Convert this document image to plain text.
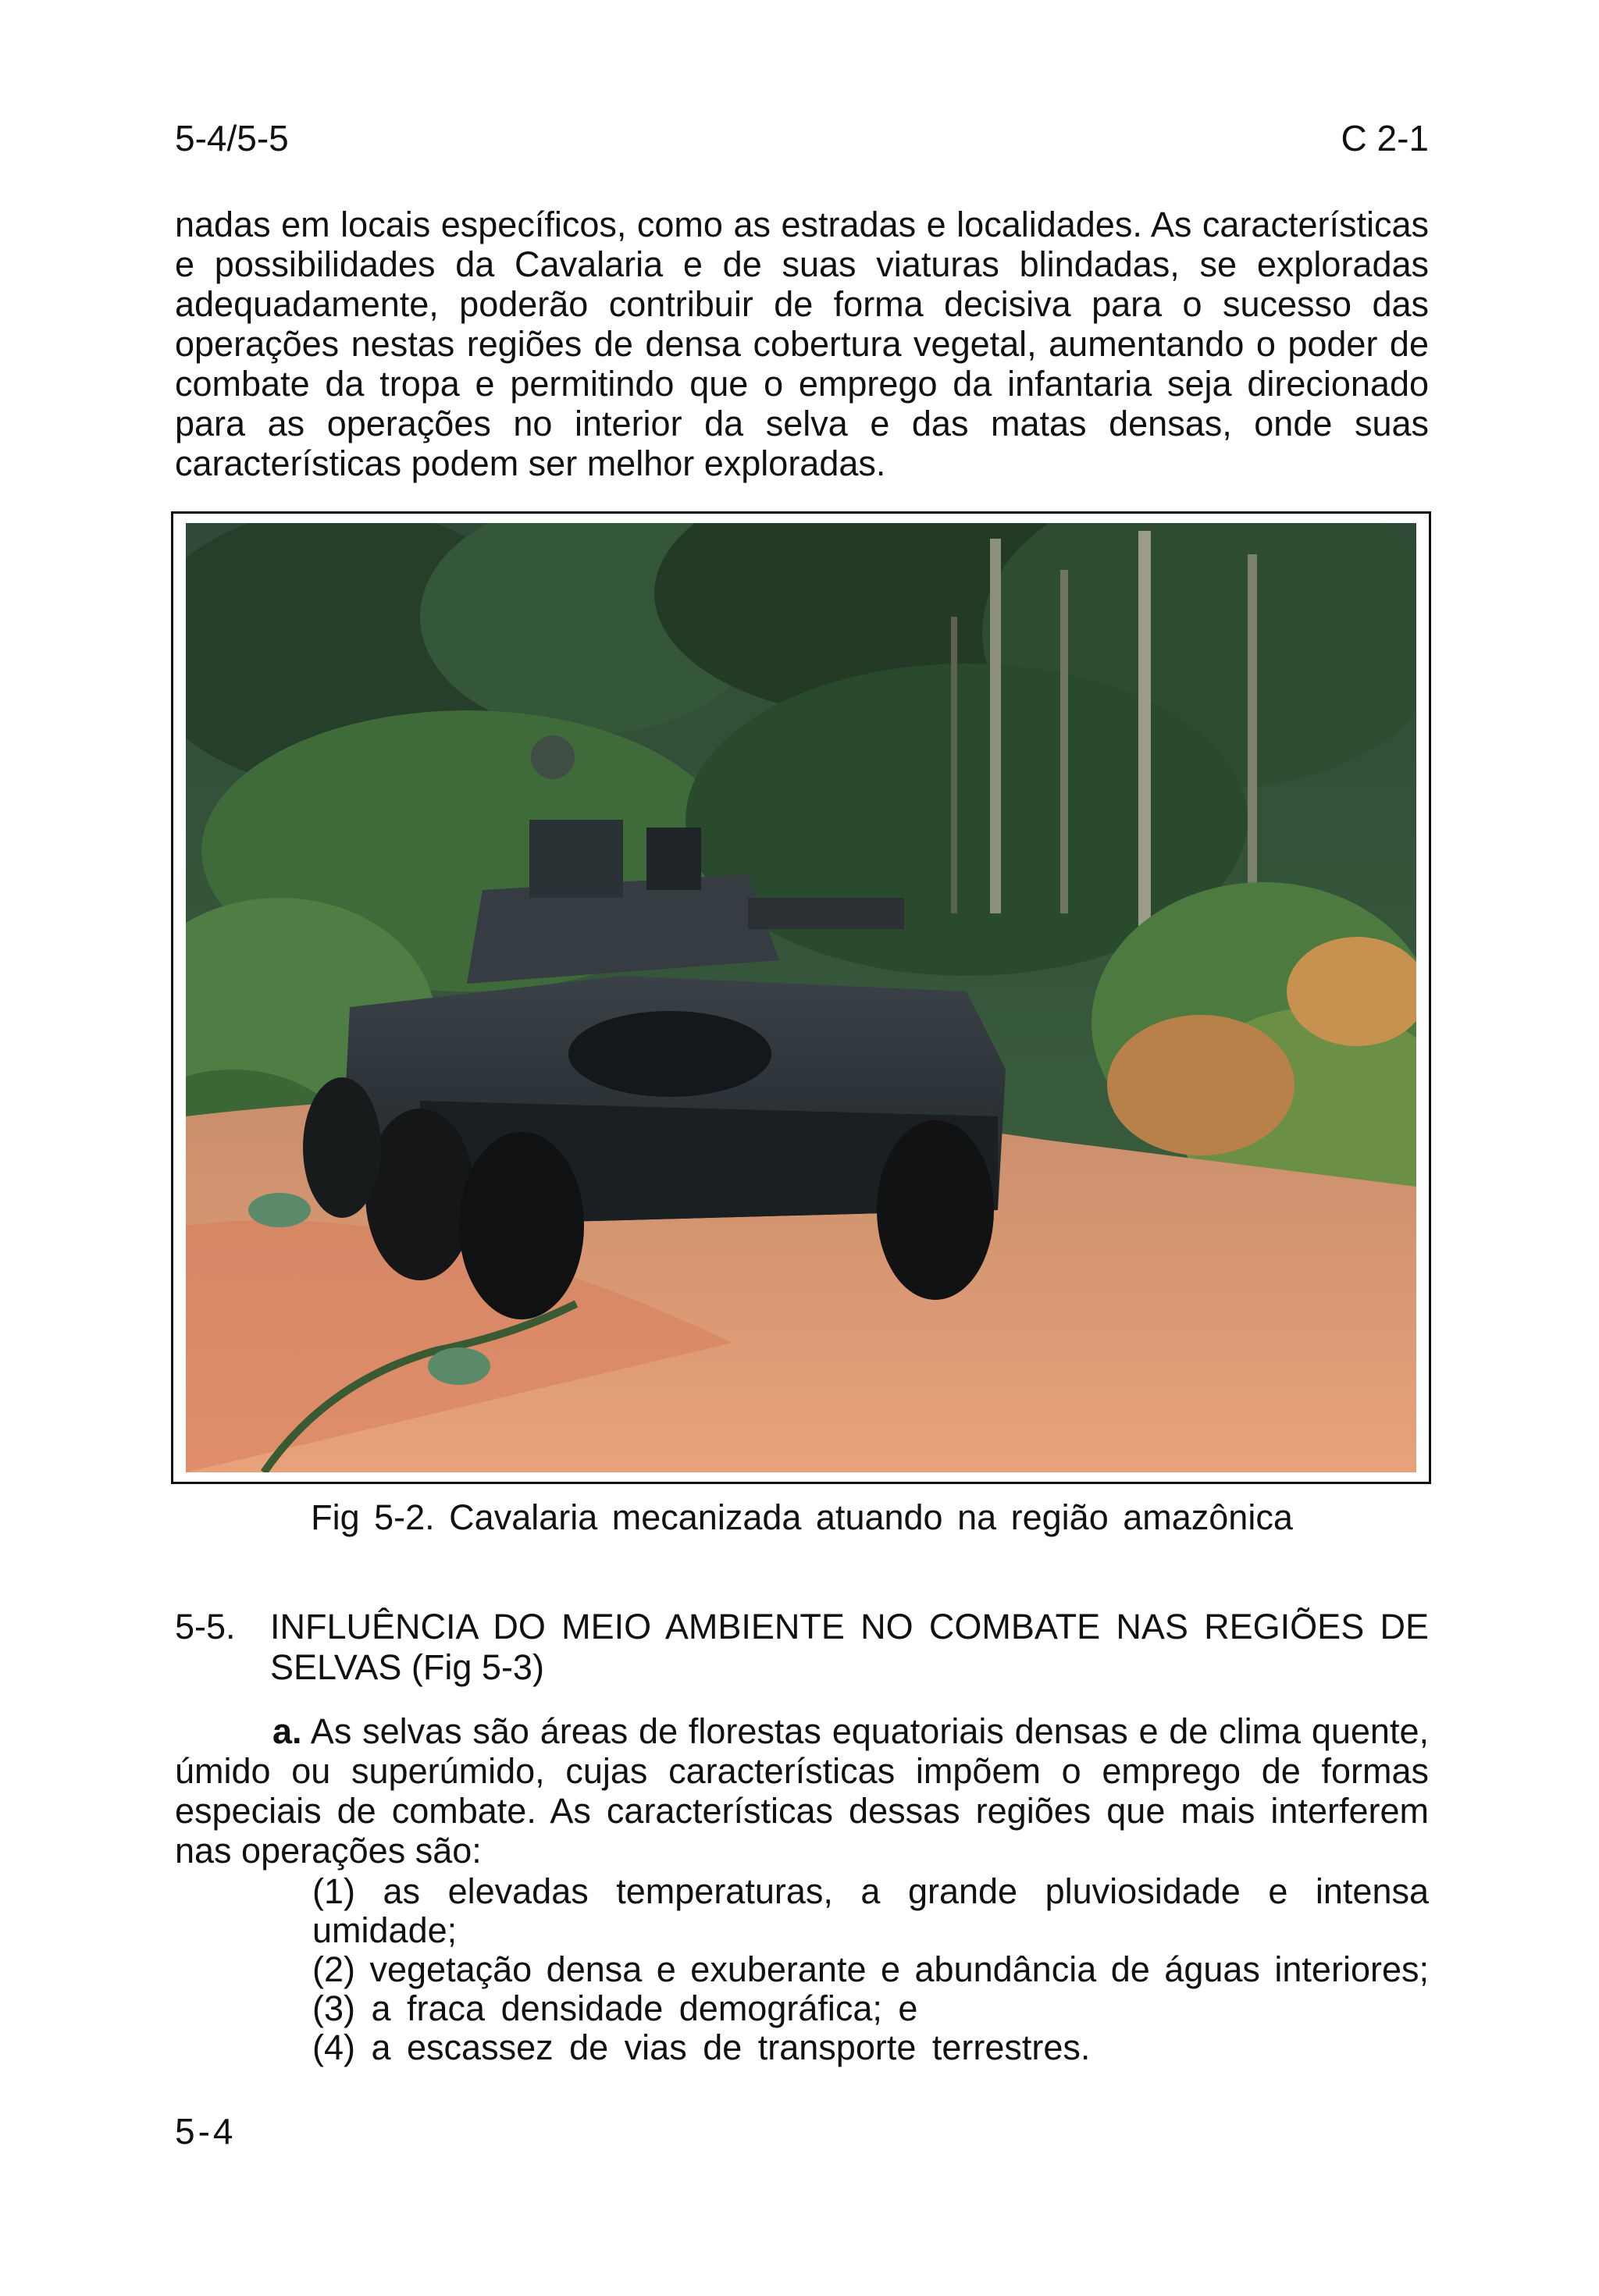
5-4/5-5	C 2-1

nadas em locais específicos, como as estradas e localidades. As características e possibilidades da Cavalaria e de suas viaturas blindadas, se exploradas adequadamente, poderão contribuir de forma decisiva para o sucesso das operações nestas regiões de densa cobertura vegetal, aumentando o poder de combate da tropa e permitindo que o emprego da infantaria seja direcionado para as operações no interior da selva e das matas densas, onde suas características podem ser melhor exploradas.

Fig 5-2. Cavalaria mecanizada atuando na região amazônica
5-5. INFLUÊNCIA DO MEIO AMBIENTE NO COMBATE NAS REGIÕES DE SELVAS (Fig 5-3)

a. As selvas são áreas de florestas equatoriais densas e de clima quente, úmido ou superúmido, cujas características impõem o emprego de formas especiais de combate. As características dessas regiões que mais interferem nas operações são:

(1) as elevadas temperaturas, a grande pluviosidade e intensa umidade;
(2) vegetação densa e exuberante e abundância de águas interiores;
(3) a fraca densidade demográfica; e
(4) a escassez de vias de transporte terrestres.
5-4
